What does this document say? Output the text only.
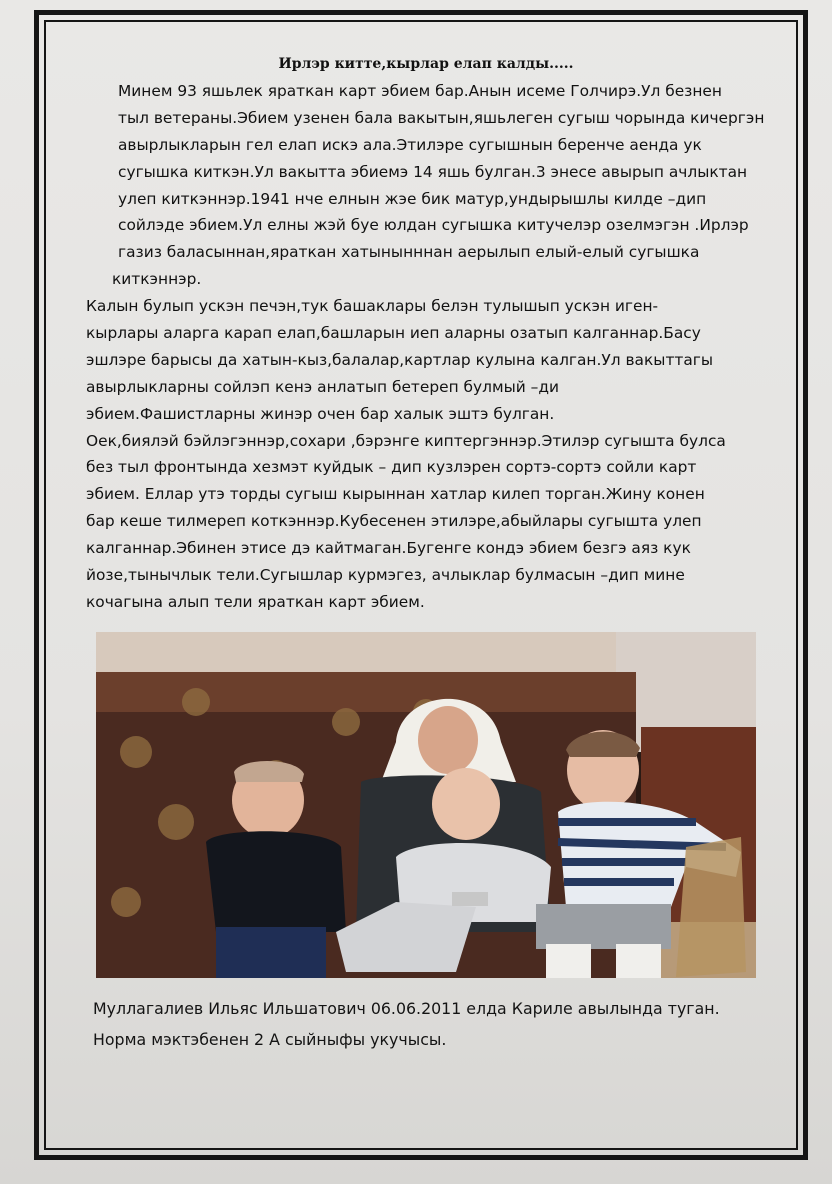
Ирлэр китте,кырлар елап калды.....
Минем 93 яшьлек яраткан карт эбием бар.Анын исеме Голчирэ.Ул безнен
тыл ветераны.Эбием узенен бала вакытын,яшьлеген сугыш чорында кичергэн
авырлыкларын гел елап искэ ала.Этилэре сугышнын беренче аенда ук
сугышка киткэн.Ул вакытта эбиемэ 14 яшь булган.3 энесе авырып ачлыктан
улеп киткэннэр.1941 нче елнын жэе бик матур,ундырышлы килде –дип
сойлэде эбием.Ул елны жэй буе юлдан сугышка китучелэр озелмэгэн .Ирлэр
газиз баласыннан,яраткан хатынынннан аерылып елый-елый сугышка
киткэннэр.
Калын булып ускэн печэн,тук башаклары белэн тулышып ускэн иген-
кырлары аларга карап елап,башларын иеп аларны озатып калганнар.Басу
эшлэре барысы да хатын-кыз,балалар,картлар кулына калган.Ул вакыттагы
авырлыкларны сойлэп кенэ анлатып бетереп булмый –ди
эбием.Фашистларны жинэр очен бар халык эштэ булган.
Оек,биялэй бэйлэгэннэр,сохари ,бэрэнге киптергэннэр.Этилэр сугышта булса
без тыл фронтында хезмэт куйдык – дип кузлэрен сортэ-сортэ сойли карт
эбием. Еллар утэ торды сугыш кырыннан хатлар килеп торган.Жину конен
бар кеше тилмереп коткэннэр.Кубесенен этилэре,абыйлары сугышта улеп
калганнар.Эбинен этисе дэ кайтмаган.Бугенге кондэ эбием безгэ аяз кук
йозе,тынычлык тели.Сугышлар курмэгез, ачлыклар булмасын –дип мине
кочагына алып тели яраткан карт эбием.
Муллагалиев Ильяс Ильшатович 06.06.2011 елда Кариле авылында туган.
Норма мэктэбенен 2 А сыйныфы укучысы.
